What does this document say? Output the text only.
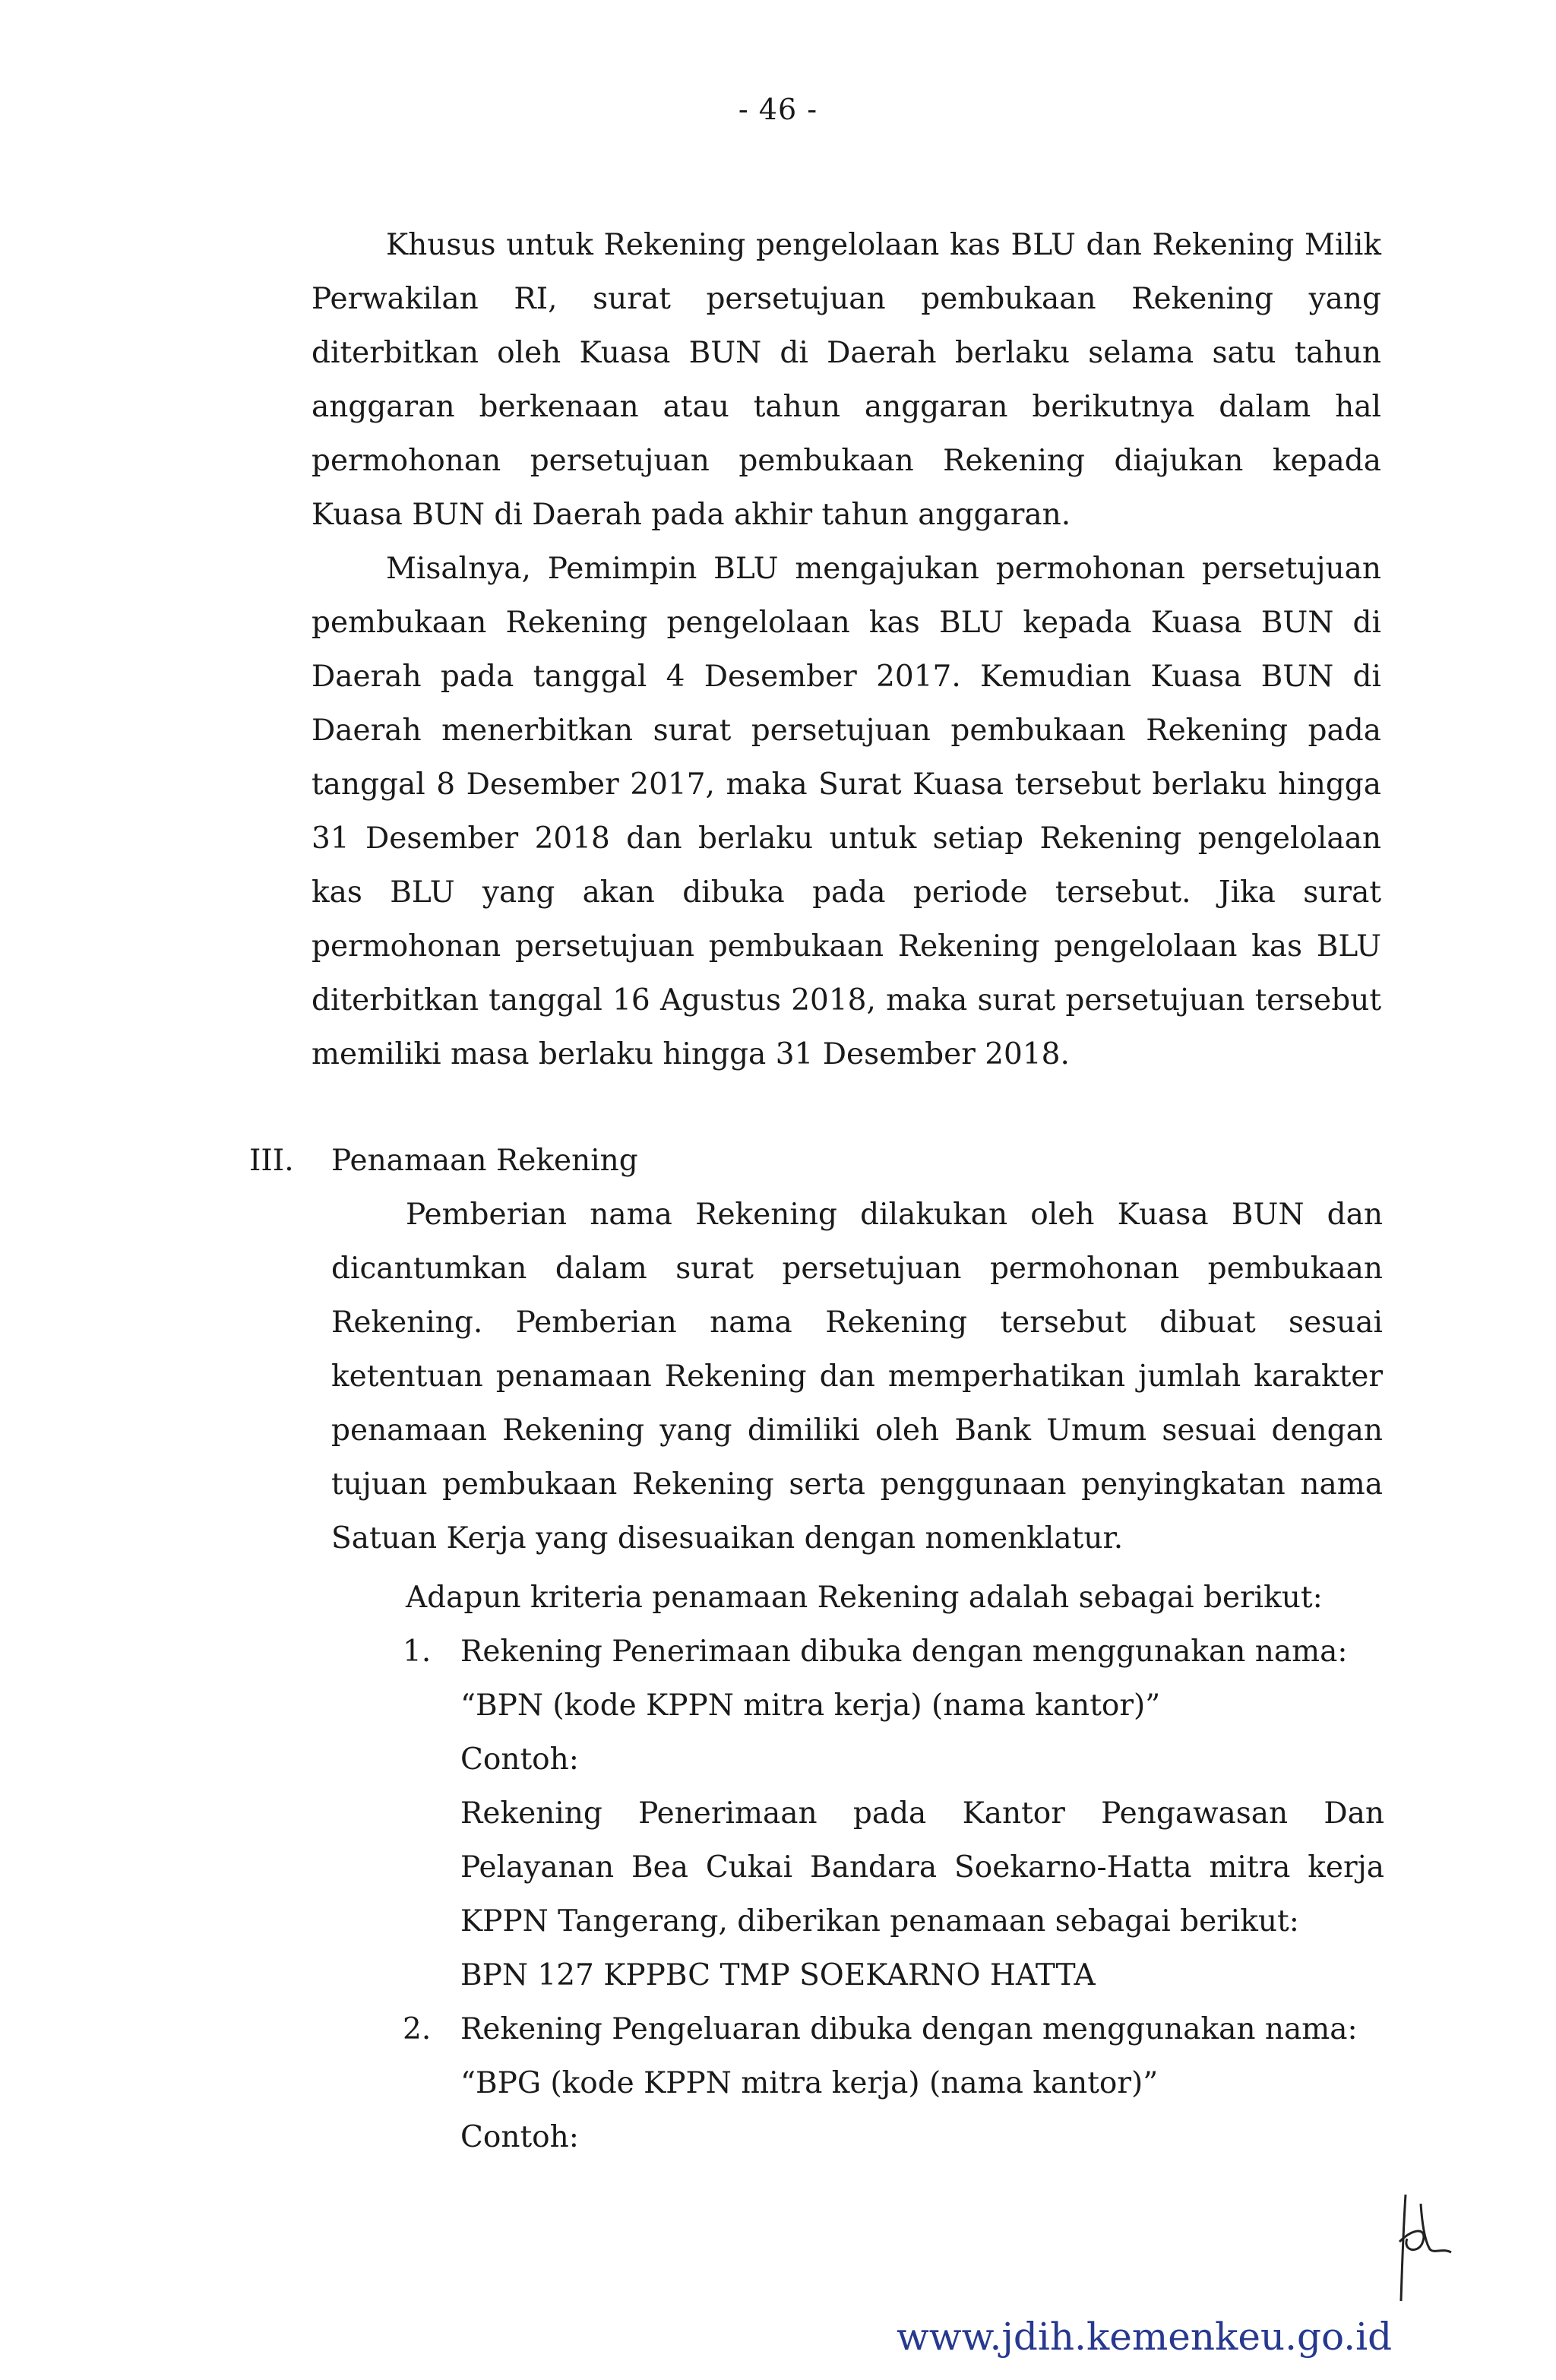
- 46 -

Khusus untuk Rekening pengelolaan kas BLU dan Rekening Milik Perwakilan RI, surat persetujuan pembukaan Rekening yang diterbitkan oleh Kuasa BUN di Daerah berlaku selama satu tahun anggaran berkenaan atau tahun anggaran berikutnya dalam hal permohonan persetujuan pembukaan Rekening diajukan kepada Kuasa BUN di Daerah pada akhir tahun anggaran.

Misalnya, Pemimpin BLU mengajukan permohonan persetujuan pembukaan Rekening pengelolaan kas BLU kepada Kuasa BUN di Daerah pada tanggal 4 Desember 2017. Kemudian Kuasa BUN di Daerah menerbitkan surat persetujuan pembukaan Rekening pada tanggal 8 Desember 2017, maka Surat Kuasa tersebut berlaku hingga 31 Desember 2018 dan berlaku untuk setiap Rekening pengelolaan kas BLU yang akan dibuka pada periode tersebut. Jika surat permohonan persetujuan pembukaan Rekening pengelolaan kas BLU diterbitkan tanggal 16 Agustus 2018, maka surat persetujuan tersebut memiliki masa berlaku hingga 31 Desember 2018.

III. Penamaan Rekening

Pemberian nama Rekening dilakukan oleh Kuasa BUN dan dicantumkan dalam surat persetujuan permohonan pembukaan Rekening. Pemberian nama Rekening tersebut dibuat sesuai ketentuan penamaan Rekening dan memperhatikan jumlah karakter penamaan Rekening yang dimiliki oleh Bank Umum sesuai dengan tujuan pembukaan Rekening serta penggunaan penyingkatan nama Satuan Kerja yang disesuaikan dengan nomenklatur.

Adapun kriteria penamaan Rekening adalah sebagai berikut:
1. Rekening Penerimaan dibuka dengan menggunakan nama:
“BPN (kode KPPN mitra kerja) (nama kantor)”
Contoh:
Rekening Penerimaan pada Kantor Pengawasan Dan Pelayanan Bea Cukai Bandara Soekarno-Hatta mitra kerja KPPN Tangerang, diberikan penamaan sebagai berikut:
BPN 127 KPPBC TMP SOEKARNO HATTA
2. Rekening Pengeluaran dibuka dengan menggunakan nama:
“BPG (kode KPPN mitra kerja) (nama kantor)”
Contoh:
www.jdih.kemenkeu.go.id
